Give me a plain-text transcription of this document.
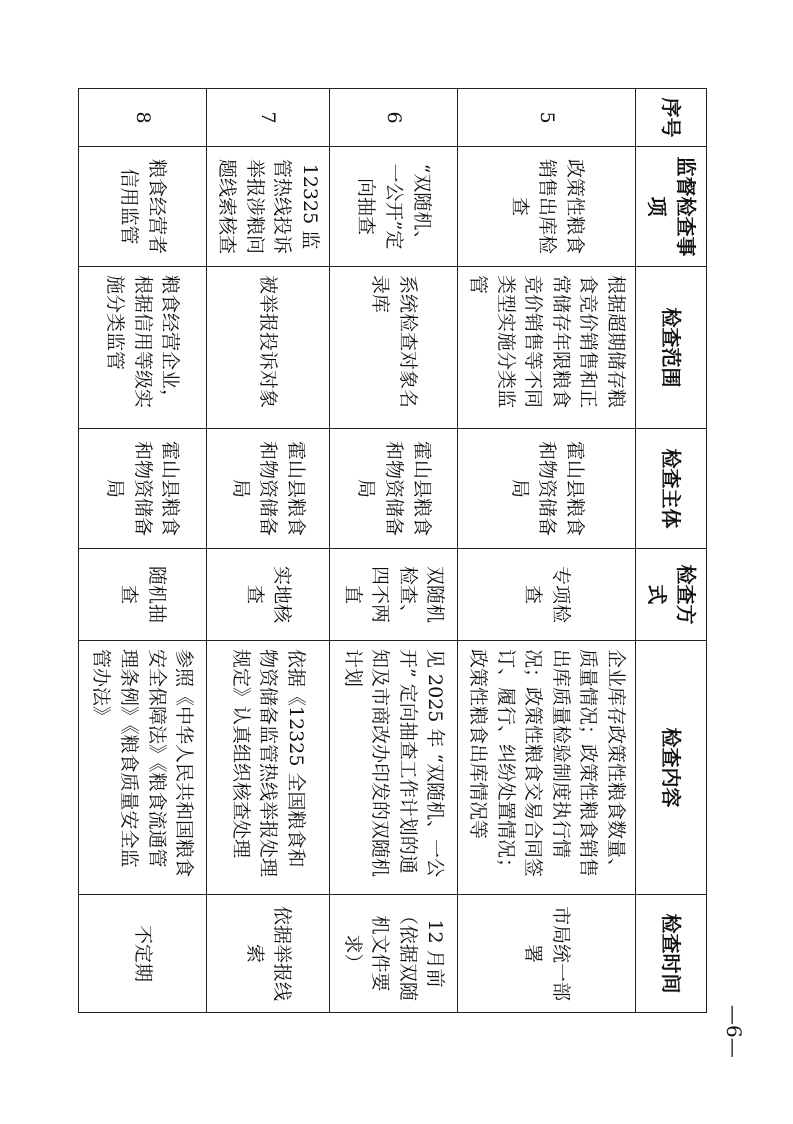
序号	监督检查事项	检查范围	检查主体	检查方式	检查内容	检查时间
5	政策性粮食销售出库检查	根据超期储存粮食竞价销售和正常储存年限粮食竞价销售等不同类型实施分类监管	霍山县粮食和物资储备局	专项检查	企业库存政策性粮食数量、质量情况；政策性粮食销售出库质量检验制度执行情况；政策性粮食交易合同签订、履行、纠纷处置情况；政策性粮食出库情况等	市局统一部署
6	“双随机、一公开”定向抽查	系统检查对象名录库	霍山县粮食和物资储备局	双随机检查、四不两直	见 2025 年 “双随机、一公开” 定向抽查工作计划的通知及市商改办印发的双随机计划	12 月前（依据双随机文件要求）
7	12325 监管热线投诉举报涉粮问题线索核查	被举报投诉对象	霍山县粮食和物资储备局	实地核查	依据《12325 全国粮食和物资储备监管热线举报处理规定》认真组织核查处理	依据举报线索
8	粮食经营者信用监管	粮食经营企业，根据信用等级实施分类监管	霍山县粮食和物资储备局	随机抽查	参照《中华人民共和国粮食安全保障法》《粮食流通管理条例》《粮食质量安全监管办法》	不定期
—6—
